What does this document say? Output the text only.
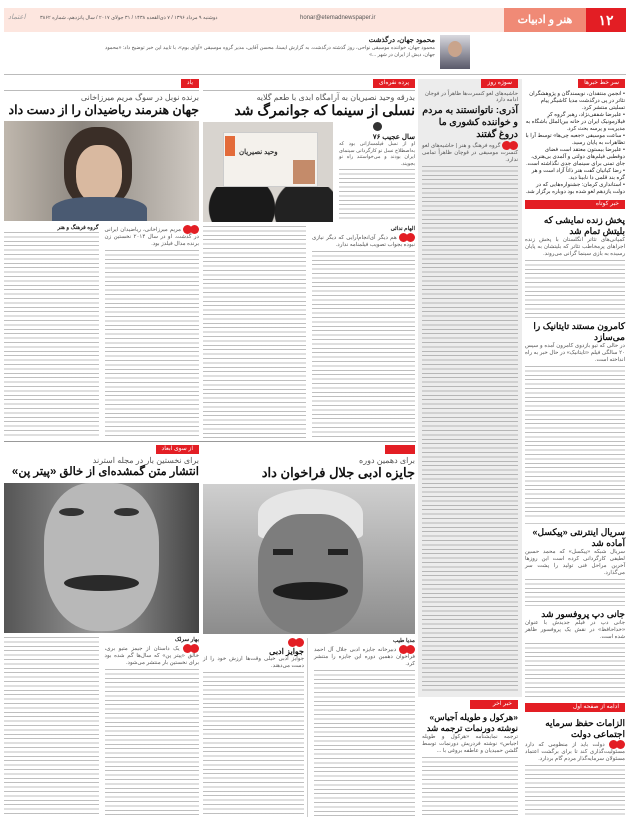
۱۲
هنر و ادبیات
honar@etemadnewspaper.ir
دوشنبه ۹ مرداد ۱۳۹۶ / ۷ ذی‌القعده ۱۴۳۸ / ۳۱ جولای ۲۰۱۷ / سال پانزدهم، شماره ۳۸۶۲
اعتماد
محمود جهان، درگذشت
محمود جهان، خواننده موسیقی نواحی، روز گذشته درگذشت. به گزارش ایسنا، محسن آقایی، مدیر گروه موسیقی «آوای بوم»، با تایید این خبر توضیح داد: «محمود جهان، دیش از ایران در شهر ...»
سر خط خبرها
• انجمن منتقدان، نویسندگان و پژوهشگران تئاتر در پی درگذشت مدیا کاشیگر پیام تسلیتی منتشر کرد.
• علیرضا شفقی‌نژاد، رهبر گروه کرِ فیلارمونیک ایران در خانه بین‌الملل باشگاه به مدیریت و پرسه بحث کرد.
• ساعت موسیقی «جعبه چی‌ها» توسط آرا با تظاهرات به پایان رسید.
• علیرضا بیستون معتقد است فضای دوقطبی فیلم‌های دولتی و آلمدی بی‌هنری، جای تمنی برای سینمای جدی نگذاشته است.
• رضا کیانیان گفت هنر ذاتاً آزاد است و هر گره بند قلمی دا نابینا دید.
• استانداری کرمان: جشنواره‌هایی که در دولت یازدهم لغو شده بود دوباره برگزار شد.
خبر کوتاه
پخش زنده نمایشی که بلیتش تمام شد
کمپانی‌های تئاتر انگلستان با پخش زنده اجراهای پرمخاطب تئاتر که بلیتشان به پایان رسیده به بازی سینما گرانی می‌روند.
کامرون مستند تایتانیک را می‌سازد
در حالی که تیو بازدوی کامرون آمده و سپس ۲۰ سالگی فیلم «تایتانیک» در حال خبر به راه انداخته است.
سریال اینترنتی «پیکسل» آماده شد
سریال شبکه «پیکسل» که محمد حسین لطیفی کارگردانی کرده است این روزها آخرین مراحل فنی تولید را پشت سر می‌گذارد.
جانی دپ پروفسور شد
جانی دپ در فیلم جدیدش با عنوان «خداحافظ» در نقش یک پروفسور ظاهر شده است.
ادامه از صفحه اول
الزامات حفظ سرمایه اجتماعی دولت
دولت باید از منظومی که دارد مسئولیت‌گذاری کند تا برای برگشت اعتماد مسئولان سرمایه‌گذار مردم گام بردارد.
سوژه روز
حاشیه‌های لغو کنسرت‌ها ظاهراً در فوجان ادامه دارد
آذری: ناتوانستند به مردم و خواننده کشوری ما دروغ گفتند
گروه فرهنگ و هنر | حاشیه‌های لغو کنسرت موسیقی در قوچان ظاهراً تمامی ندارد.
خبر آخر
«هرکول و طویله اَجیاس» نوشته دورنمات ترجمه شد
ترجمه نمایشنامه «هرکول و طویله اجیاس» نوشته فردریش دورنمات توسط گلشن حمیدیان و عاطفه بروغی با ...
پرده نقره‌ای
بدرقه وحید نصیریان به آرامگاه ابدی با طعم گلایه
نسلی از سینما که جوانمرگ شد
وحید نصیریان
سال عجیب ۷۶
او از نسل فیلمسازانی بود که به‌اصطلاح نسل نو کارگردانی سینمای ایران بودند و می‌خواستند راه نو بجویند.
الهام ندائی
هم دیگر آی‌انجام‌آرایی که دیگر نیازی نبوده بجواب تصویب فیلمنامه ندارد.
یاد
برنده نوبل در سوگ مریم میرزاخانی
جهان هنرمند ریاضیدان را از دست داد
مریم میرزاخانی، ریاضیدان ایرانی در گذشت. او در سال ۲۰۱۴ نخستین زن برنده مدال فیلدز بود.
گروه فرهنگ و هنر
برای دهمین دوره
جایزه ادبی جلال فراخوان داد
مدیا طیب
دبیرخانه جایزه ادبی جلال آل احمد فراخوان دهمین دوره این جایزه را منتشر کرد.
جوایز ادبی
جوایز ادبی خیلی وقت‌ها ارزش خود را از دست می‌دهند.
از سوی ابعاد
برای نخستین بار در مجله استرند
انتشار متن گمشده‌ای از خالق «پیتر پن»
بهار سرلک
یک داستان از جیمز متیو بری، خالق «پیتر پن» که سال‌ها گم شده بود برای نخستین بار منتشر می‌شود.
